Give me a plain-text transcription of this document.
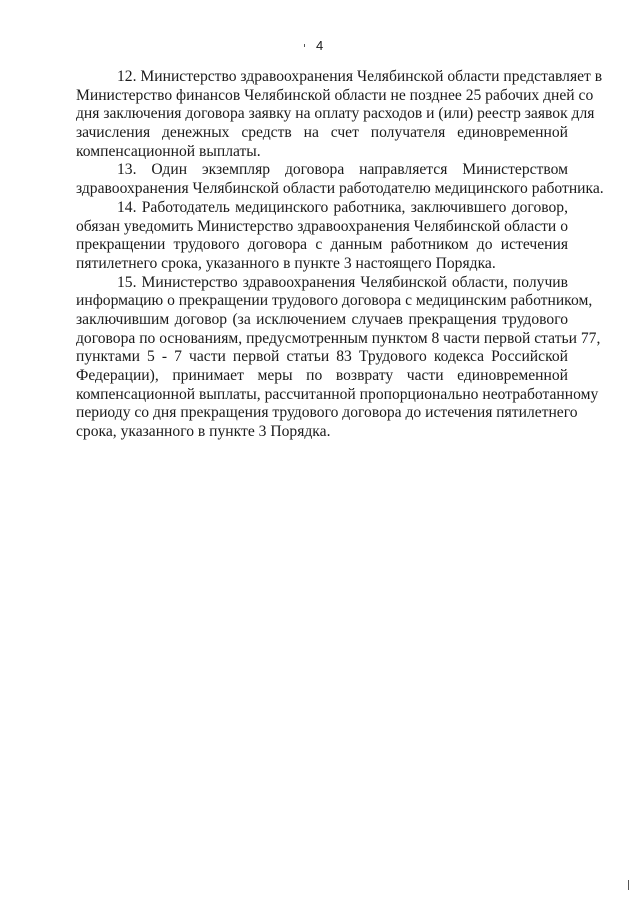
4
12. Министерство здравоохранения Челябинской области представляет в
Министерство финансов Челябинской области не позднее 25 рабочих дней со
дня заключения договора заявку на оплату расходов и (или) реестр заявок для
зачисления денежных средств на счет получателя единовременной
компенсационной выплаты.
13. Один экземпляр договора направляется Министерством
здравоохранения Челябинской области работодателю медицинского работника.
14. Работодатель медицинского работника, заключившего договор,
обязан уведомить Министерство здравоохранения Челябинской области о
прекращении трудового договора с данным работником до истечения
пятилетнего срока, указанного в пункте 3 настоящего Порядка.
15. Министерство здравоохранения Челябинской области, получив
информацию о прекращении трудового договора с медицинским работником,
заключившим договор (за исключением случаев прекращения трудового
договора по основаниям, предусмотренным пунктом 8 части первой статьи 77,
пунктами 5 - 7 части первой статьи 83 Трудового кодекса Российской
Федерации), принимает меры по возврату части единовременной
компенсационной выплаты, рассчитанной пропорционально неотработанному
периоду со дня прекращения трудового договора до истечения пятилетнего
срока, указанного в пункте 3 Порядка.
